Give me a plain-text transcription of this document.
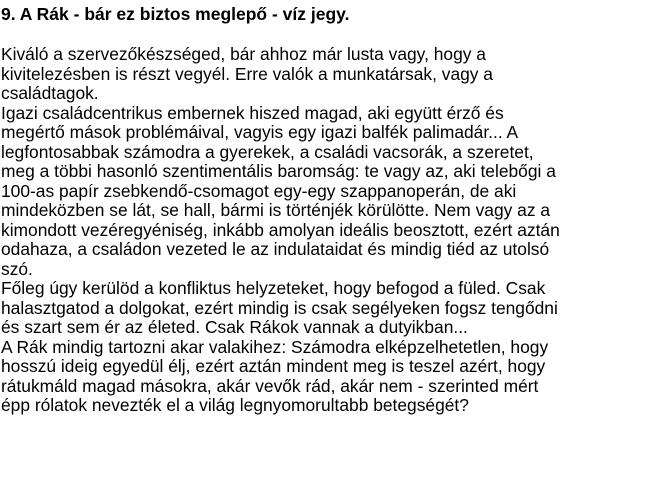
9. A Rák - bár ez biztos meglepő - víz jegy.
Kiváló a szervezőkészséged, bár ahhoz már lusta vagy, hogy a
kivitelezésben is részt vegyél. Erre valók a munkatársak, vagy a
családtagok.
Igazi családcentrikus embernek hiszed magad, aki együtt érző és
megértő mások problémáival, vagyis egy igazi balfék palimadár... A
legfontosabbak számodra a gyerekek, a családi vacsorák, a szeretet,
meg a többi hasonló szentimentális baromság: te vagy az, aki telebőgi a
100-as papír zsebkendő-csomagot egy-egy szappanoperán, de aki
mindeközben se lát, se hall, bármi is történjék körülötte. Nem vagy az a
kimondott vezéregyéniség, inkább amolyan ideális beosztott, ezért aztán
odahaza, a családon vezeted le az indulataidat és mindig tiéd az utolsó
szó.
Főleg úgy kerülöd a konfliktus helyzeteket, hogy befogod a füled. Csak
halasztgatod a dolgokat, ezért mindig is csak segélyeken fogsz tengődni
és szart sem ér az életed. Csak Rákok vannak a dutyikban...
A Rák mindig tartozni akar valakihez: Számodra elképzelhetetlen, hogy
hosszú ideig egyedül élj, ezért aztán mindent meg is teszel azért, hogy
rátukmáld magad másokra, akár vevők rád, akár nem - szerinted mért
épp rólatok nevezték el a világ legnyomorultabb betegségét?
